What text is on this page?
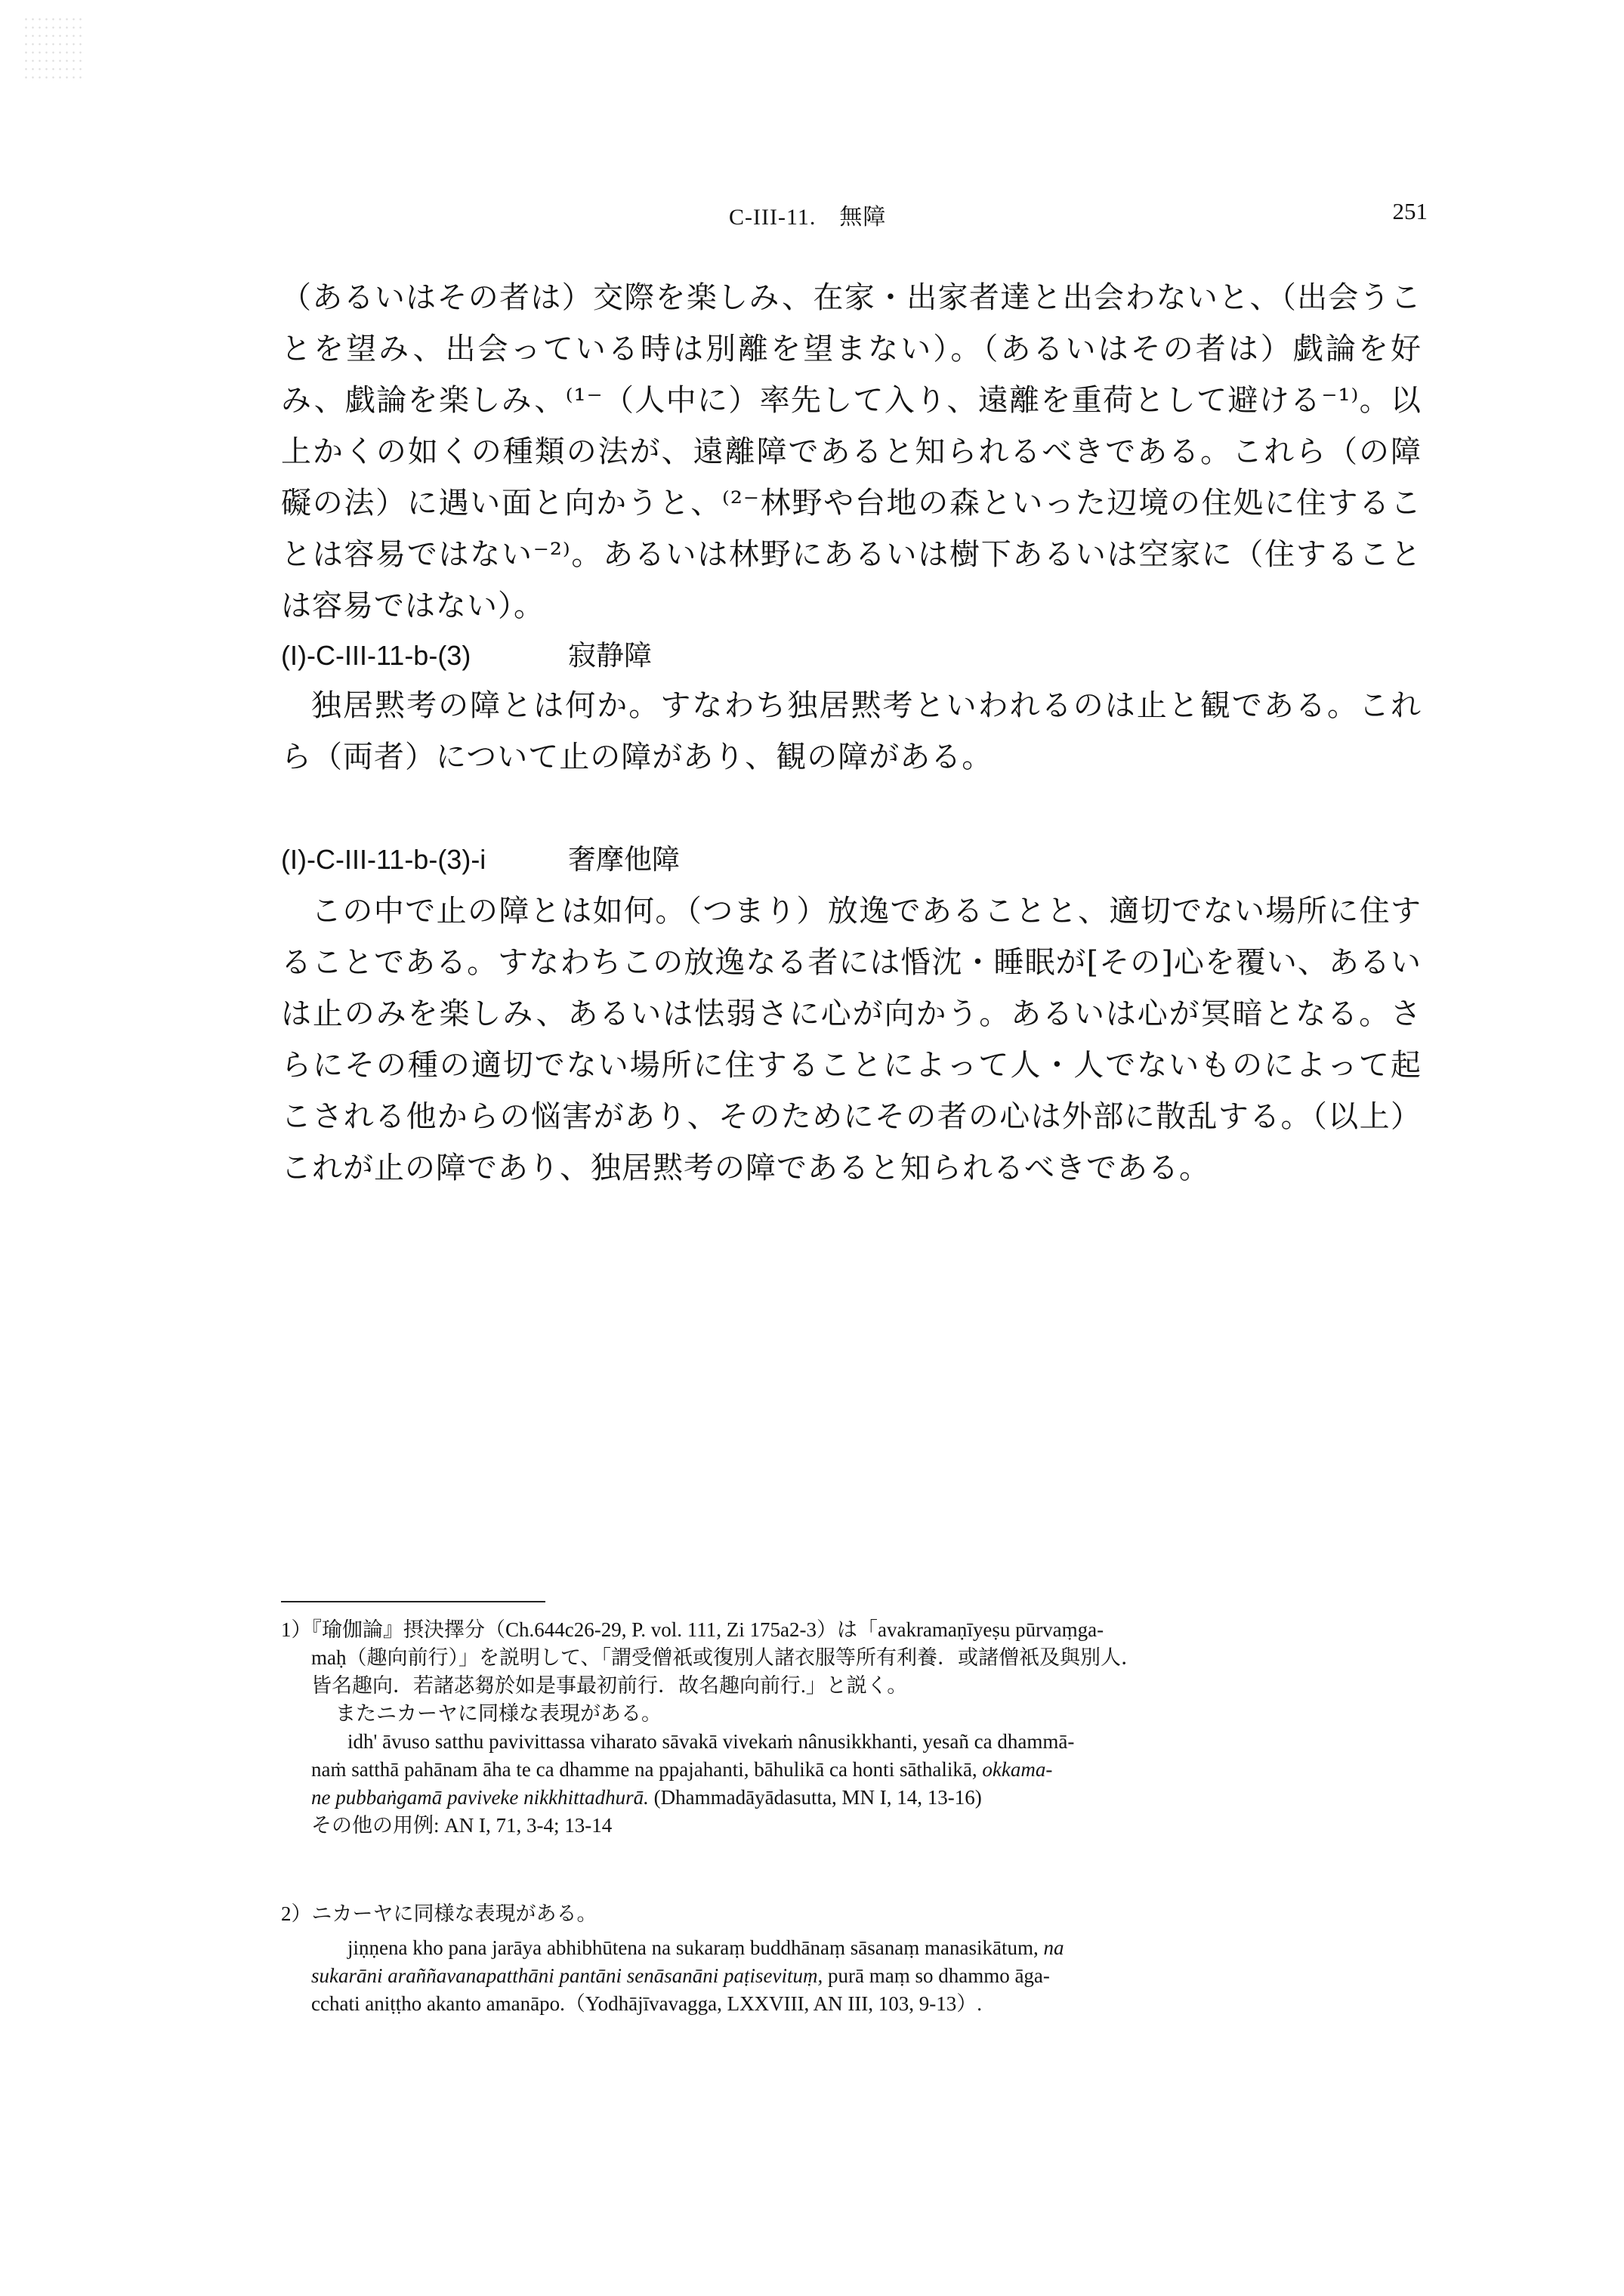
C-III-11.　無障	251
（あるいはその者は）交際を楽しみ、在家・出家者達と出会わないと、（出会うことを望み、出会っている時は別離を望まない）。（あるいはその者は）戯論を好み、戯論を楽しみ、⁽¹⁻（人中に）率先して入り、遠離を重荷として避ける⁻¹⁾。以上かくの如くの種類の法が、遠離障であると知られるべきである。これら（の障礙の法）に遇い面と向かうと、⁽²⁻林野や台地の森といった辺境の住処に住することは容易ではない⁻²⁾。あるいは林野にあるいは樹下あるいは空家に（住することは容易ではない）。
(I)-C-III-11-b-(3)	寂静障
独居黙考の障とは何か。すなわち独居黙考といわれるのは止と観である。これら（両者）について止の障があり、観の障がある。
(I)-C-III-11-b-(3)-i	奢摩他障
この中で止の障とは如何。（つまり）放逸であることと、適切でない場所に住することである。すなわちこの放逸なる者には惛沈・睡眠が[その]心を覆い、あるいは止のみを楽しみ、あるいは怯弱さに心が向かう。あるいは心が冥暗となる。さらにその種の適切でない場所に住することによって人・人でないものによって起こされる他からの悩害があり、そのためにその者の心は外部に散乱する。（以上）これが止の障であり、独居黙考の障であると知られるべきである。
1）『瑜伽論』摂決擇分（Ch.644c26-29, P. vol. 111, Zi 175a2-3）は「avakramaṇīyeṣu pūrvaṃga-
maḥ（趣向前行）」を説明して、「謂受僧祇或復別人諸衣服等所有利養．或諸僧祇及與別人．
皆名趣向．若諸苾芻於如是事最初前行．故名趣向前行.」と説く。
またニカーヤに同様な表現がある。
idh' āvuso satthu pavivittassa viharato sāvakā vivekaṁ nânusikkhanti, yesañ ca dhammā-
naṁ satthā pahānam āha te ca dhamme na ppajahanti, bāhulikā ca honti sāthalikā, okkama-
ne pubbaṅgamā paviveke nikkhittadhurā. (Dhammadāyādasutta, MN I, 14, 13-16)
その他の用例: AN I, 71, 3-4; 13-14
2）ニカーヤに同様な表現がある。
jiṇṇena kho pana jarāya abhibhūtena na sukaraṃ buddhānaṃ sāsanaṃ manasikātum, na
sukarāni araññavanapatthāni pantāni senāsanāni paṭisevituṃ, purā maṃ so dhammo āga-
cchati aniṭṭho akanto amanāpo.（Yodhājīvavagga, LXXVIII, AN III, 103, 9-13）.
